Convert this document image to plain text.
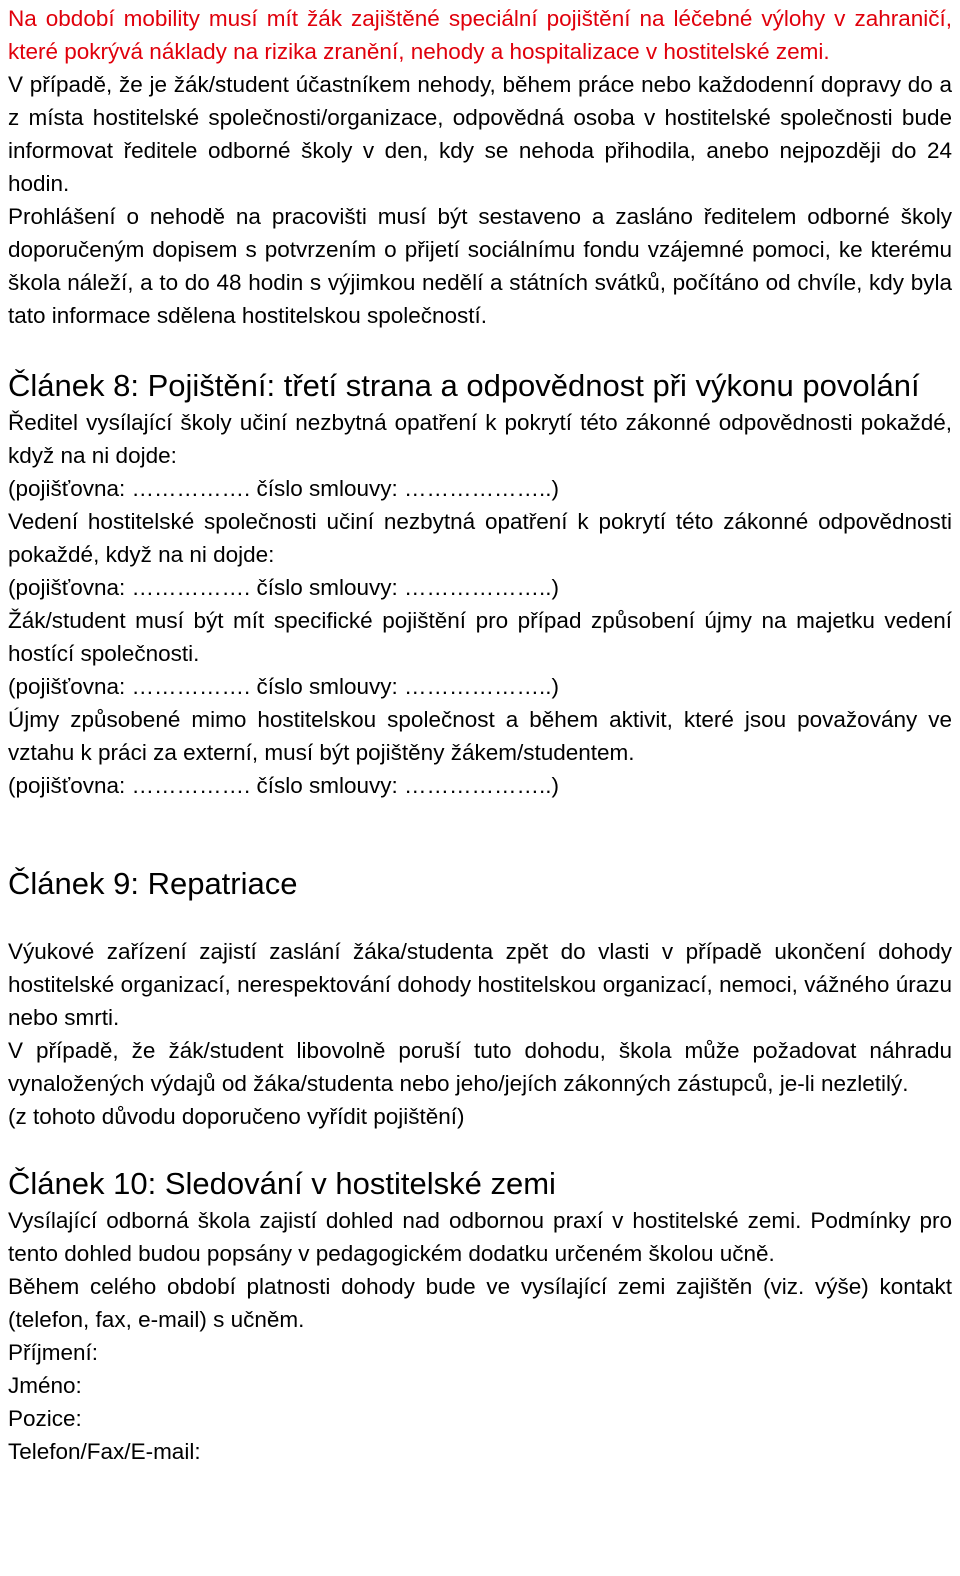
Na období mobility musí mít žák zajištěné speciální pojištění na léčebné výlohy v zahraničí, které pokrývá náklady na rizika zranění, nehody a hospitalizace v hostitelské zemi.

V případě, že je žák/student účastníkem nehody, během práce nebo každodenní dopravy do a z místa hostitelské společnosti/organizace, odpovědná osoba v hostitelské společnosti bude informovat ředitele odborné školy v den, kdy se nehoda přihodila, anebo nejpozději do 24 hodin.

Prohlášení o nehodě na pracovišti musí být sestaveno a zasláno ředitelem odborné školy doporučeným dopisem s potvrzením o přijetí sociálnímu fondu vzájemné pomoci, ke kterému škola náleží, a to do 48 hodin s výjimkou nedělí a státních svátků, počítáno od chvíle, kdy byla tato informace sdělena hostitelskou společností.

Článek 8: Pojištění: třetí strana a odpovědnost při výkonu povolání

Ředitel vysílající školy učiní nezbytná opatření k pokrytí této zákonné odpovědnosti pokaždé, když na ni dojde:

(pojišťovna: ……………. číslo smlouvy: ………………..)

Vedení hostitelské společnosti učiní nezbytná opatření k pokrytí této zákonné odpovědnosti pokaždé, když na ni dojde:

(pojišťovna: ……………. číslo smlouvy: ………………..)

Žák/student musí být mít specifické pojištění pro případ způsobení újmy na majetku vedení hostící společnosti.

(pojišťovna: ……………. číslo smlouvy: ………………..)

Újmy způsobené mimo hostitelskou společnost a během aktivit, které jsou považovány ve vztahu k práci za externí, musí být pojištěny žákem/studentem.

(pojišťovna: ……………. číslo smlouvy: ………………..)

Článek 9: Repatriace

Výukové zařízení zajistí zaslání žáka/studenta zpět do vlasti v případě ukončení dohody hostitelské organizací, nerespektování dohody hostitelskou organizací, nemoci, vážného úrazu nebo smrti.

V případě, že žák/student libovolně poruší tuto dohodu, škola může požadovat náhradu vynaložených výdajů od žáka/studenta nebo jeho/jejích zákonných zástupců, je-li nezletilý.

(z tohoto důvodu doporučeno vyřídit pojištění)

Článek 10: Sledování v hostitelské zemi

Vysílající odborná škola zajistí dohled nad odbornou praxí v hostitelské zemi. Podmínky pro tento dohled budou popsány v pedagogickém dodatku určeném školou učně.

Během celého období platnosti dohody bude ve vysílající zemi zajištěn (viz. výše) kontakt (telefon, fax, e-mail) s učněm.

Příjmení:

Jméno:

Pozice:

Telefon/Fax/E-mail:
